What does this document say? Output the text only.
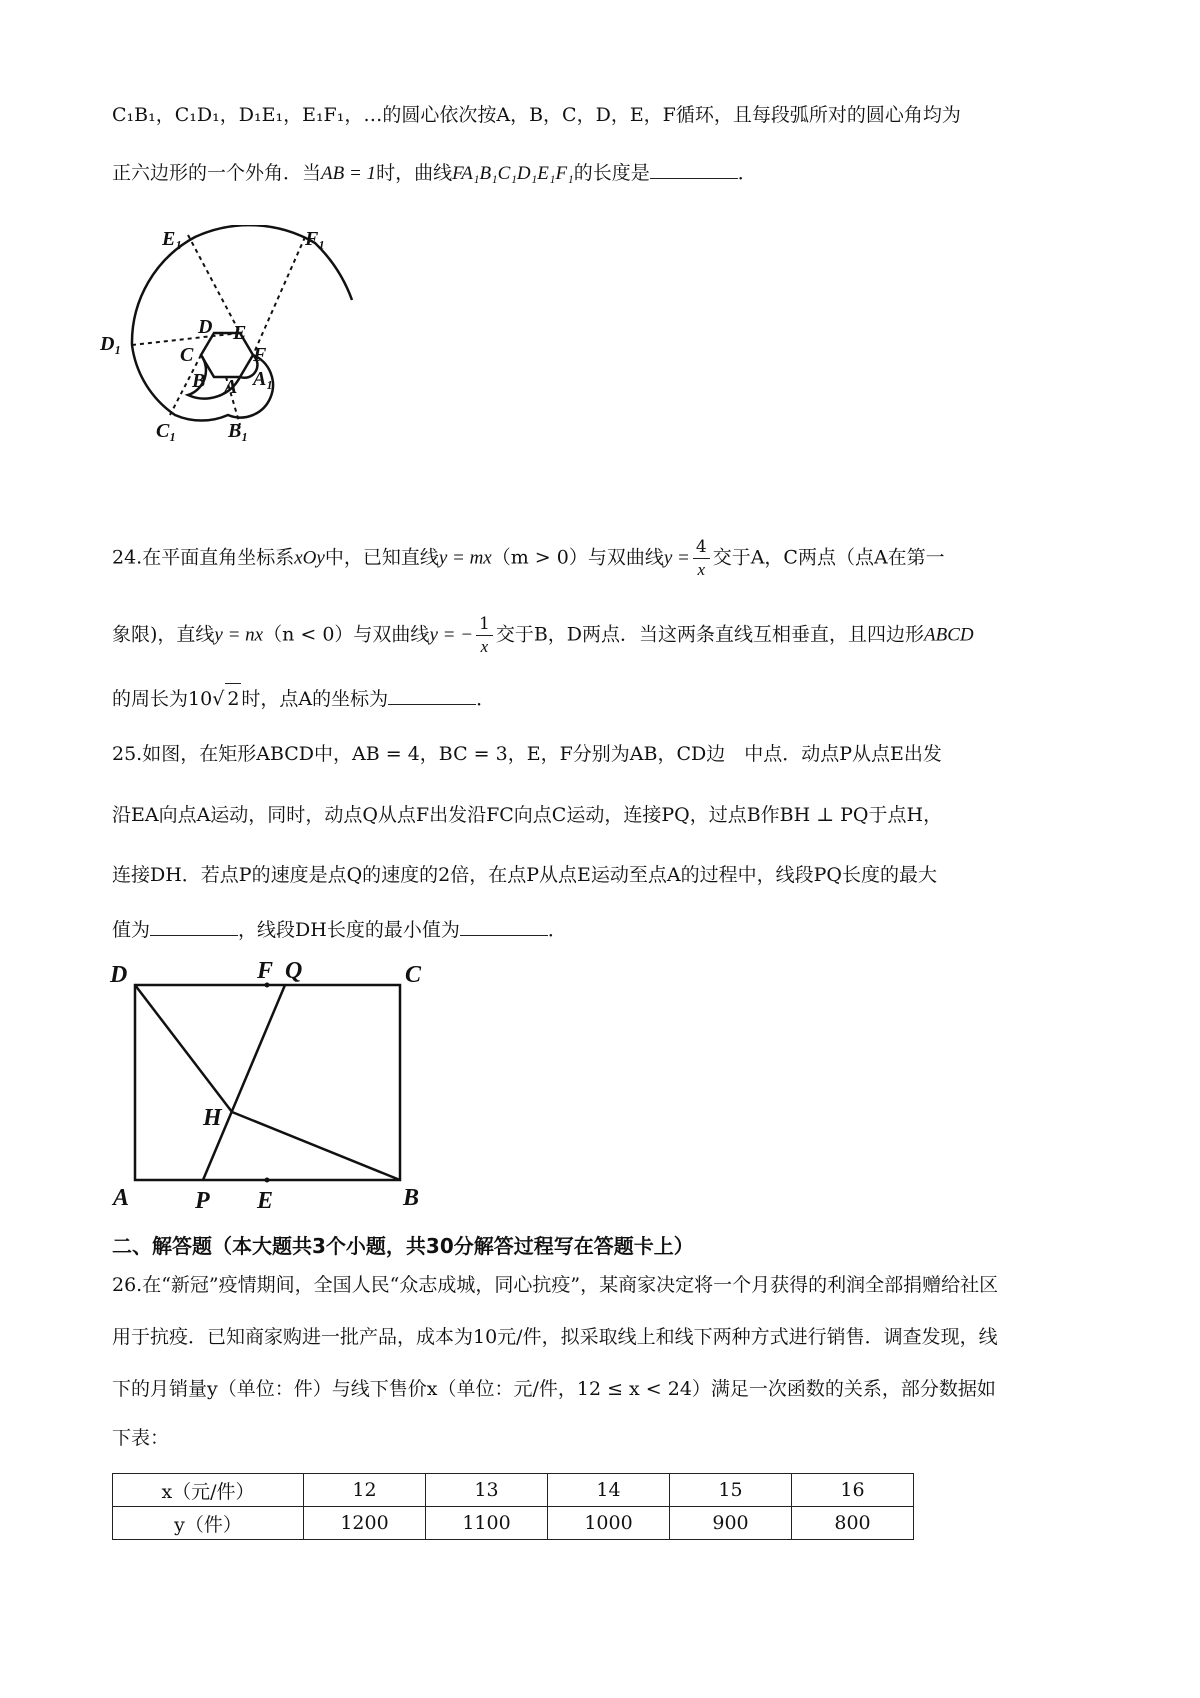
C₁B₁，C₁D₁，D₁E₁，E₁F₁，…的圆心依次按A，B，C，D，E，F循环，且每段弧所对的圆心角均为
正六边形的一个外角．当AB = 1时，曲线FA₁B₁C₁D₁E₁F₁的长度是	．
E₁	F₁
D₁
D E
C	F
B A A₁
C₁	B₁
24.在平面直角坐标系xOy中，已知直线y = mx（m > 0）与双曲线$y = \frac{4}{x}$ 交于A，C两点（点A在第一
象限)，直线y = nx（n < 0）与双曲线y = − $\frac{1}{x}$ 交于B，D两点．当这两条直线互相垂直，且四边形ABCD
的周长为10√ 2 时，点A的坐标为	．
25.如图，在矩形ABCD中，AB = 4，BC = 3，E，F分别为AB，CD边　中点．动点P从点E出发
沿EA向点A运动，同时，动点Q从点F出发沿FC向点C运动，连接PQ，过点B作BH ⊥ PQ于点H，
连接DH．若点P的速度是点Q的速度的2倍，在点P从点E运动至点A的过程中，线段PQ长度的最大
值为	，线段DH长度的最小值为	．
D	F Q	C
H
A	P E	B
二、解答题（本大题共3个小题，共30分解答过程写在答题卡上）
26.在“新冠”疫情期间，全国人民“众志成城，同心抗疫”，某商家决定将一个月获得的利润全部捐赠给社区
用于抗疫．已知商家购进一批产品，成本为10元/件，拟采取线上和线下两种方式进行销售．调查发现，线
下的月销量y（单位：件）与线下售价x（单位：元/件，12 ≤ x < 24）满足一次函数的关系，部分数据如
下表：
x（元/件）	12	13	14	15	16
y（件）	1200	1100	1000	900	800
